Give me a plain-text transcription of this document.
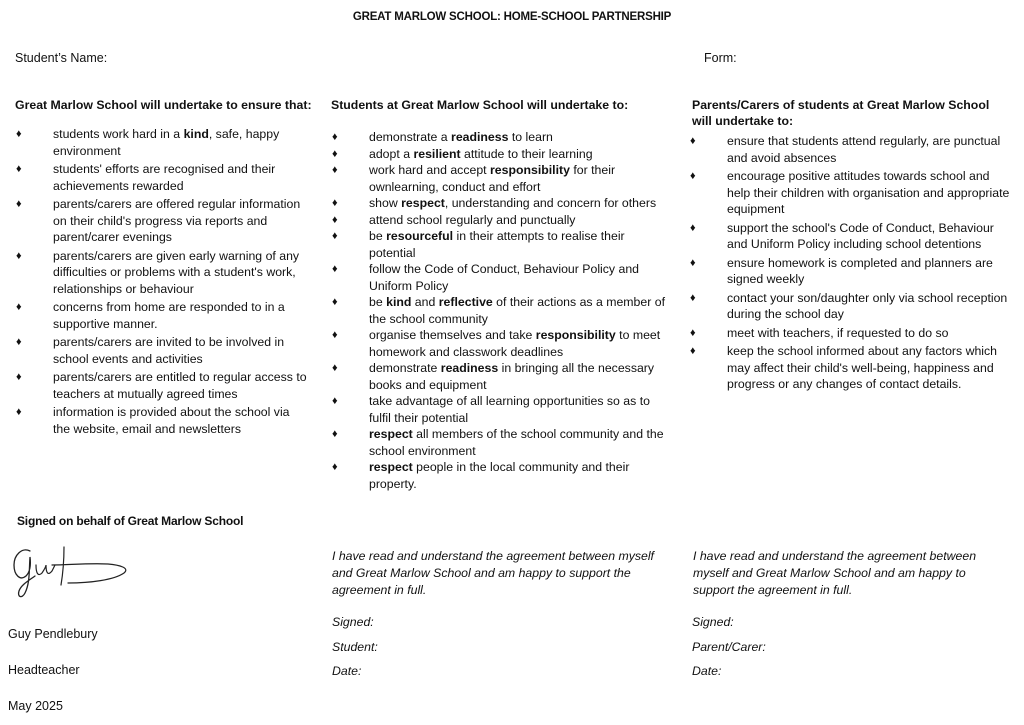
GREAT MARLOW SCHOOL: HOME-SCHOOL PARTNERSHIP
Student’s Name:	Form:
Great Marlow School will undertake to ensure that:
♦ students work hard in a kind, safe, happy environment
♦ students' efforts are recognised and their achievements rewarded
♦ parents/carers are offered regular information on their child's progress via reports and parent/carer evenings
♦ parents/carers are given early warning of any difficulties or problems with a student's work, relationships or behaviour
♦ concerns from home are responded to in a supportive manner.
♦ parents/carers are invited to be involved in school events and activities
♦ parents/carers are entitled to regular access to teachers at mutually agreed times
♦ information is provided about the school via the website, email and newsletters
Students at Great Marlow School will undertake to:
♦ demonstrate a readiness to learn
♦ adopt a resilient attitude to their learning
♦ work hard and accept responsibility for their ownlearning, conduct and effort
♦ show respect, understanding and concern for others
♦ attend school regularly and punctually
♦ be resourceful in their attempts to realise their potential
♦ follow the Code of Conduct, Behaviour Policy and Uniform Policy
♦ be kind and reflective of their actions as a member of the school community
♦ organise themselves and take responsibility to meet homework and classwork deadlines
♦ demonstrate readiness in bringing all the necessary books and equipment
♦ take advantage of all learning opportunities so as to fulfil their potential
♦ respect all members of the school community and the school environment
♦ respect people in the local community and their property.
Parents/Carers of students at Great Marlow School will undertake to:
♦ ensure that students attend regularly, are punctual and avoid absences
♦ encourage positive attitudes towards school and help their children with organisation and appropriate equipment
♦ support the school's Code of Conduct, Behaviour and Uniform Policy including school detentions
♦ ensure homework is completed and planners are signed weekly
♦ contact your son/daughter only via school reception during the school day
♦ meet with teachers, if requested to do so
♦ keep the school informed about any factors which may affect their child's well-being, happiness and progress or any changes of contact details.
Signed on behalf of Great Marlow School
Guy Pendlebury
Headteacher
May 2025
I have read and understand the agreement between myself and Great Marlow School and am happy to support the agreement in full.
Signed:
Student:
Date:
I have read and understand the agreement between myself and Great Marlow School and am happy to support the agreement in full.
Signed:
Parent/Carer:
Date:
